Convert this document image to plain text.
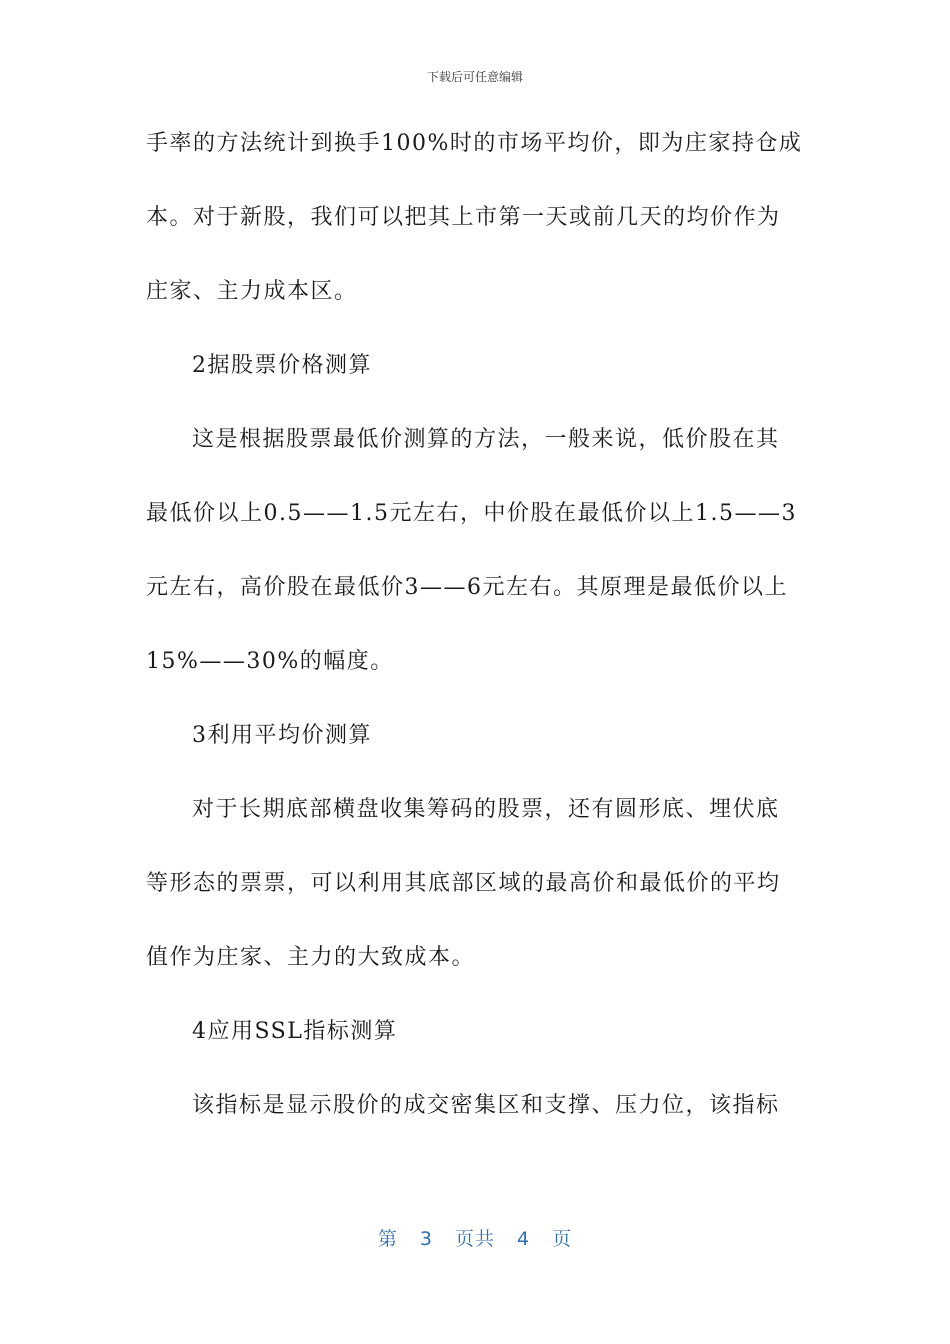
下载后可任意编辑
手率的方法统计到换手100%时的市场平均价，即为庄家持仓成
本。对于新股，我们可以把其上市第一天或前几天的均价作为
庄家、主力成本区。
2据股票价格测算
这是根据股票最低价测算的方法，一般来说，低价股在其
最低价以上0.5——1.5元左右，中价股在最低价以上1.5——3
元左右，高价股在最低价3——6元左右。其原理是最低价以上
15%——30%的幅度。
3利用平均价测算
对于长期底部横盘收集筹码的股票，还有圆形底、埋伏底
等形态的票票，可以利用其底部区域的最高价和最低价的平均
值作为庄家、主力的大致成本。
4应用SSL指标测算
该指标是显示股价的成交密集区和支撑、压力位，该指标
第 3 页共 4 页
